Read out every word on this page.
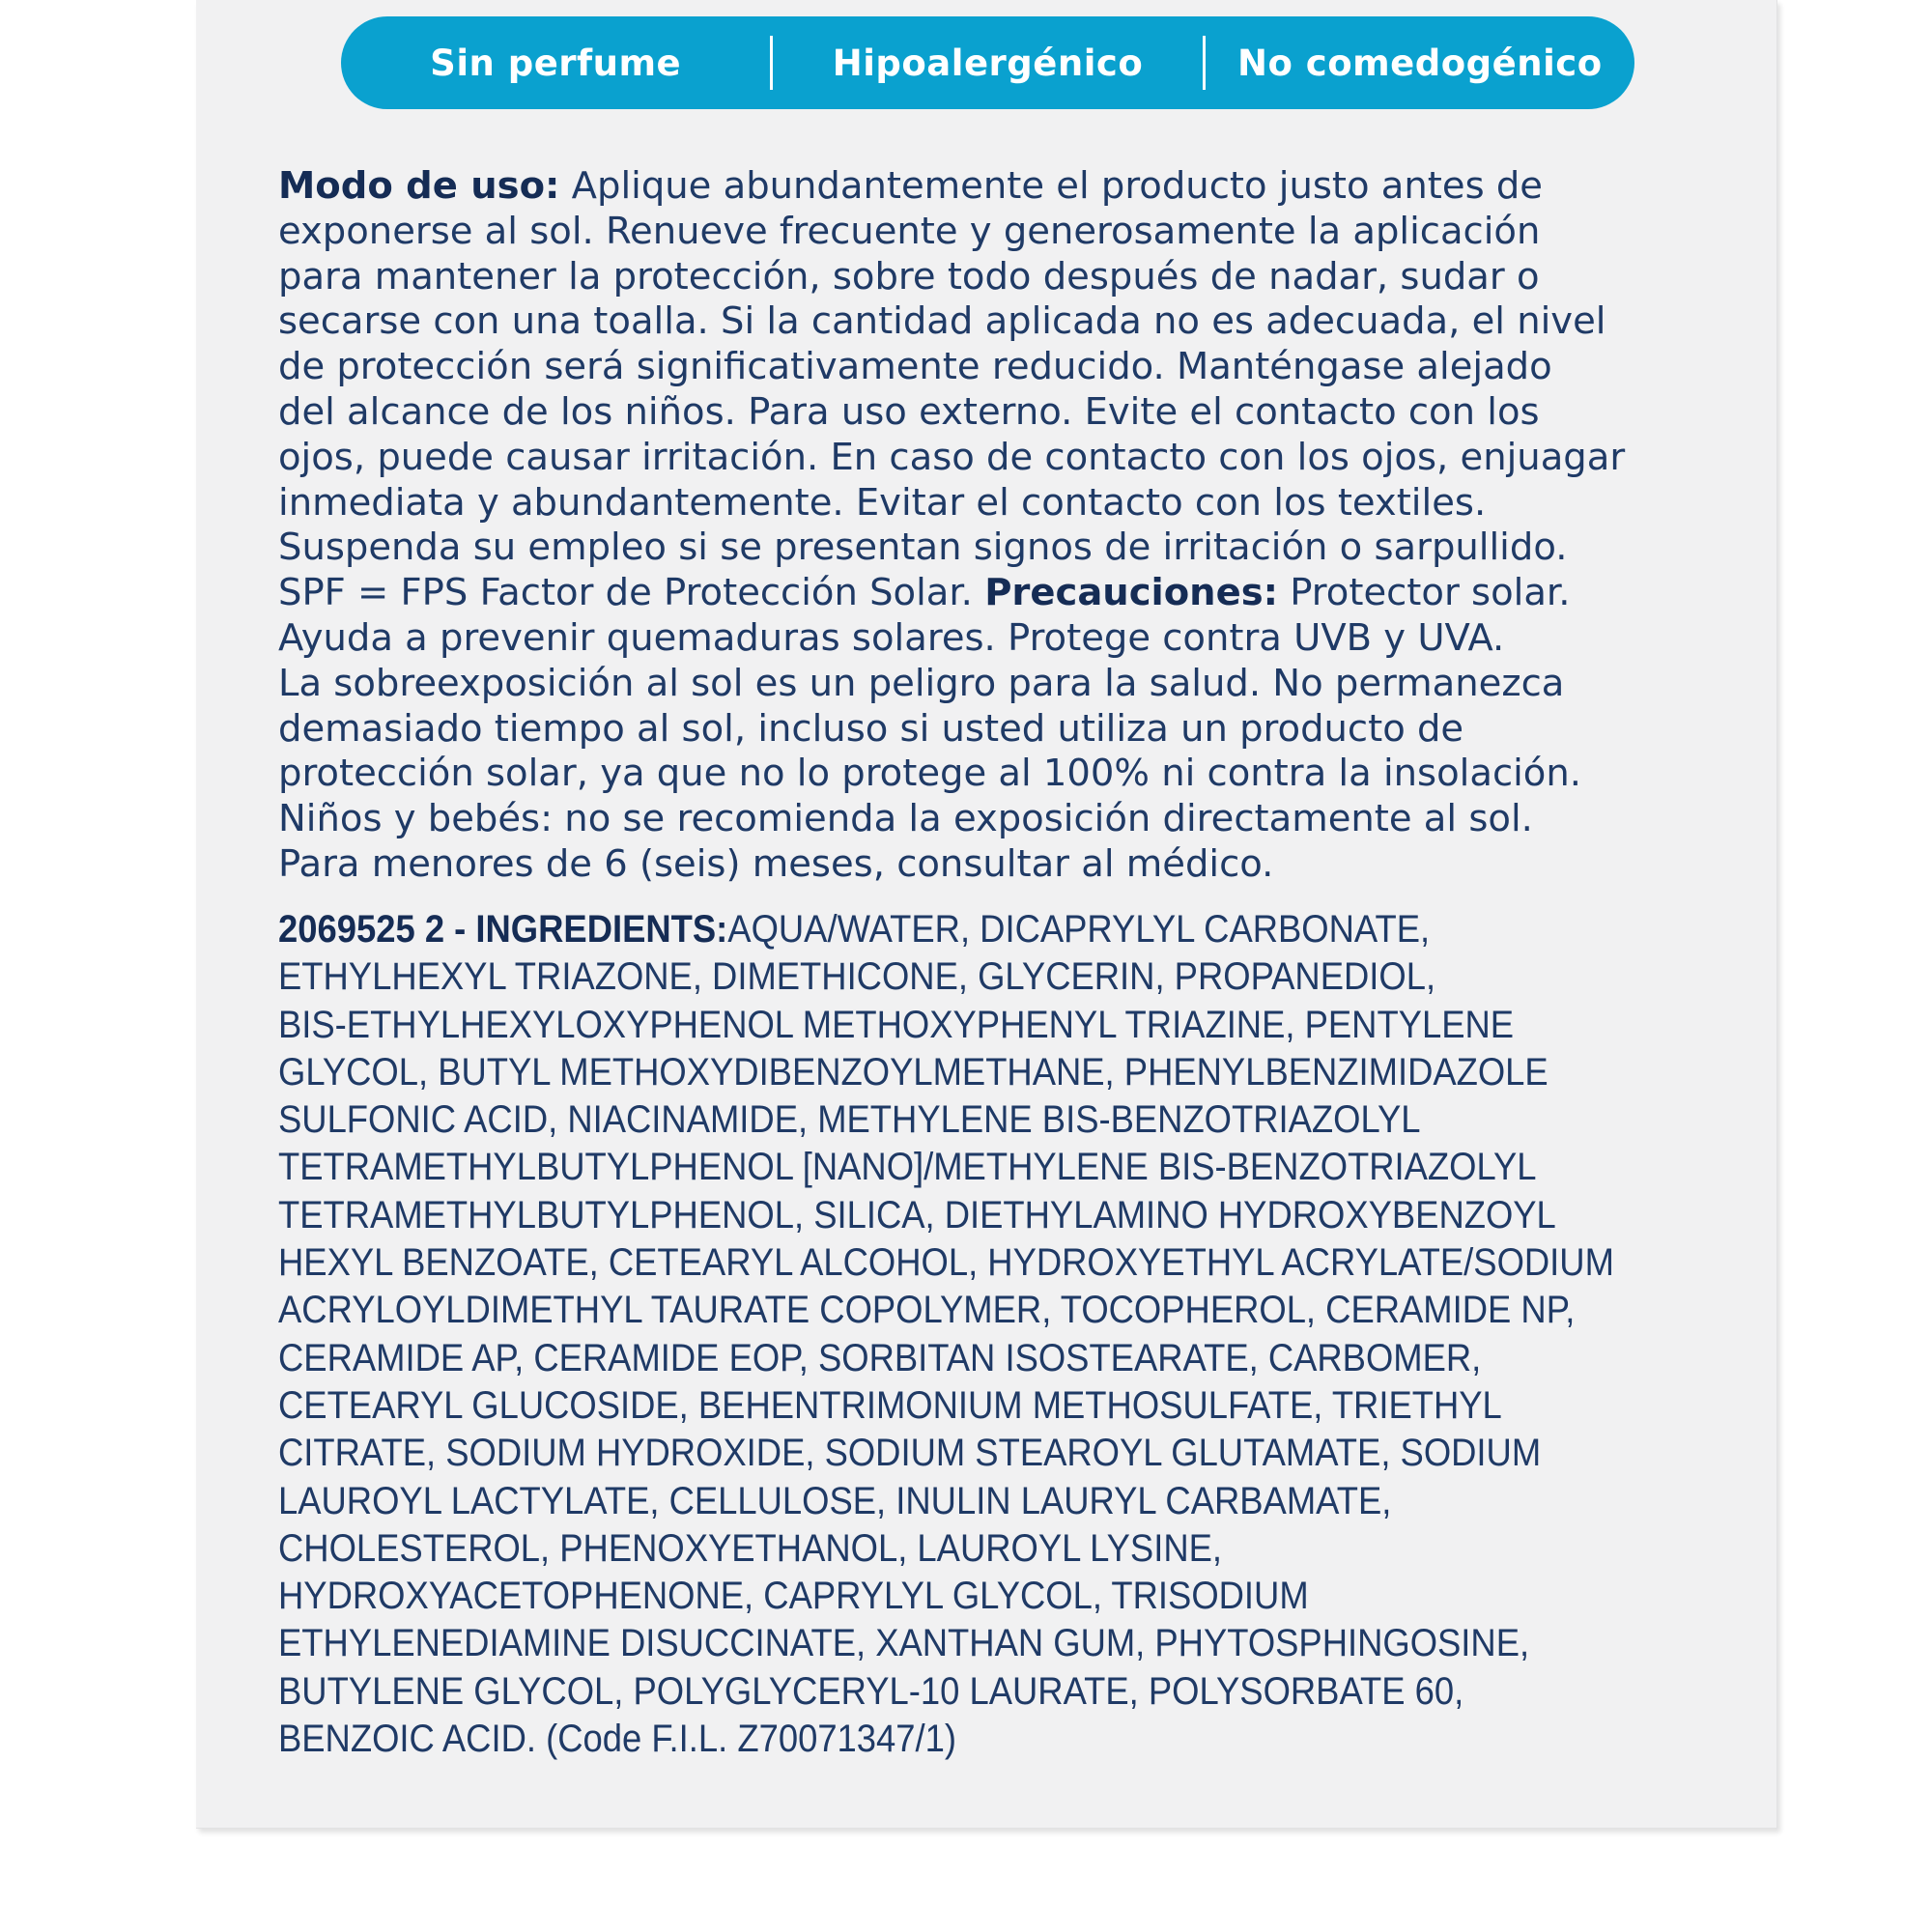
Sin perfume	Hipoalergénico	No comedogénico
Modo de uso: Aplique abundantemente el producto justo antes de
exponerse al sol. Renueve frecuente y generosamente la aplicación
para mantener la protección, sobre todo después de nadar, sudar o
secarse con una toalla. Si la cantidad aplicada no es adecuada, el nivel
de protección será significativamente reducido. Manténgase alejado
del alcance de los niños. Para uso externo. Evite el contacto con los
ojos, puede causar irritación. En caso de contacto con los ojos, enjuagar
inmediata y abundantemente. Evitar el contacto con los textiles.
Suspenda su empleo si se presentan signos de irritación o sarpullido.
SPF = FPS Factor de Protección Solar. Precauciones: Protector solar.
Ayuda a prevenir quemaduras solares. Protege contra UVB y UVA.
La sobreexposición al sol es un peligro para la salud. No permanezca
demasiado tiempo al sol, incluso si usted utiliza un producto de
protección solar, ya que no lo protege al 100% ni contra la insolación.
Niños y bebés: no se recomienda la exposición directamente al sol.
Para menores de 6 (seis) meses, consultar al médico.
2069525 2 - INGREDIENTS:AQUA/WATER, DICAPRYLYL CARBONATE,
ETHYLHEXYL TRIAZONE, DIMETHICONE, GLYCERIN, PROPANEDIOL,
BIS-ETHYLHEXYLOXYPHENOL METHOXYPHENYL TRIAZINE, PENTYLENE
GLYCOL, BUTYL METHOXYDIBENZOYLMETHANE, PHENYLBENZIMIDAZOLE
SULFONIC ACID, NIACINAMIDE, METHYLENE BIS-BENZOTRIAZOLYL
TETRAMETHYLBUTYLPHENOL [NANO]/METHYLENE BIS-BENZOTRIAZOLYL
TETRAMETHYLBUTYLPHENOL, SILICA, DIETHYLAMINO HYDROXYBENZOYL
HEXYL BENZOATE, CETEARYL ALCOHOL, HYDROXYETHYL ACRYLATE/SODIUM
ACRYLOYLDIMETHYL TAURATE COPOLYMER, TOCOPHEROL, CERAMIDE NP,
CERAMIDE AP, CERAMIDE EOP, SORBITAN ISOSTEARATE, CARBOMER,
CETEARYL GLUCOSIDE, BEHENTRIMONIUM METHOSULFATE, TRIETHYL
CITRATE, SODIUM HYDROXIDE, SODIUM STEAROYL GLUTAMATE, SODIUM
LAUROYL LACTYLATE, CELLULOSE, INULIN LAURYL CARBAMATE,
CHOLESTEROL, PHENOXYETHANOL, LAUROYL LYSINE,
HYDROXYACETOPHENONE, CAPRYLYL GLYCOL, TRISODIUM
ETHYLENEDIAMINE DISUCCINATE, XANTHAN GUM, PHYTOSPHINGOSINE,
BUTYLENE GLYCOL, POLYGLYCERYL-10 LAURATE, POLYSORBATE 60,
BENZOIC ACID. (Code F.I.L. Z70071347/1)
